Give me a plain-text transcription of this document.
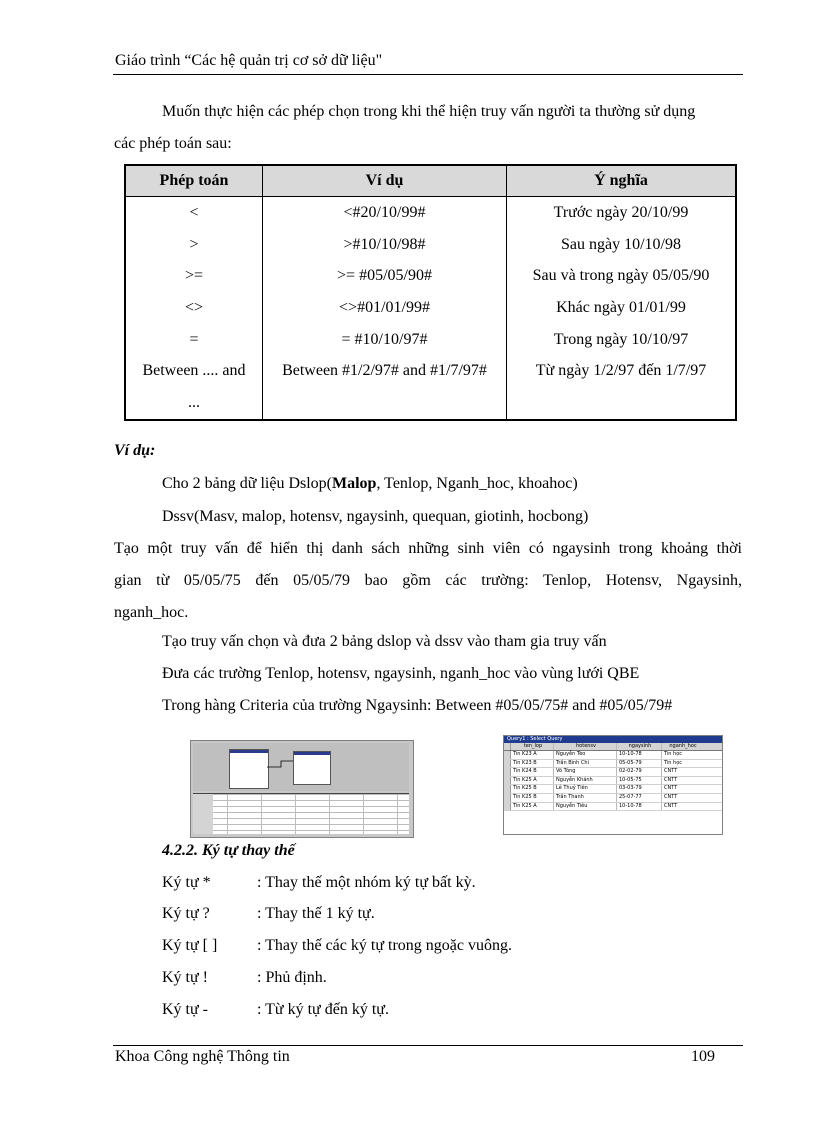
Giáo trình “Các hệ quản trị cơ sở dữ liệu"
Muốn thực hiện các phép chọn trong khi thể hiện truy vấn người ta thường sử dụng
các phép toán sau:
Phép toán	Ví dụ	Ý nghĩa
<	<#20/10/99#	Trước ngày 20/10/99
>	>#10/10/98#	Sau ngày 10/10/98
>=	>= #05/05/90#	Sau và trong ngày 05/05/90
<>	<>#01/01/99#	Khác ngày 01/01/99
=	= #10/10/97#	Trong ngày 10/10/97
Between .... and	Between #1/2/97# and #1/7/97#	Từ ngày 1/2/97 đến 1/7/97
...		
Ví dụ:
Cho 2 bảng dữ liệu Dslop(Malop, Tenlop, Nganh_hoc, khoahoc)
Dssv(Masv, malop, hotensv, ngaysinh, quequan, giotinh, hocbong)
Tạo một truy vấn để hiển thị danh sách những sinh viên có ngaysinh trong khoảng thời
gian từ 05/05/75 đến 05/05/79 bao gồm các trường: Tenlop, Hotensv, Ngaysinh,
nganh_hoc.
Tạo truy vấn chọn và đưa 2 bảng dslop và dssv vào tham gia truy vấn
Đưa các trường Tenlop, hotensv, ngaysinh, nganh_hoc vào vùng lưới QBE
Trong hàng Criteria của trường Ngaysinh: Between #05/05/75# and #05/05/79#
Query1 : Select Query
ten_lop	hotensv	ngaysinh	nganh_hoc
Tin K23 A	Nguyễn Tèo	10-10-78	Tin học
Tin K23 B	Trần Bình Chi	05-05-79	Tin học
Tin K24 B	Võ Tòng	02-02-79	CNTT
Tin K25 A	Nguyễn Khánh	10-05-75	CNTT
Tin K25 B	Lê Thuỷ Tiên	03-03-79	CNTT
Tin K25 B	Trần Thanh	25-07-77	CNTT
Tin K25 A	Nguyễn Tiêu	10-10-78	CNTT
4.2.2. Ký tự thay thế
Ký tự *	: Thay thế một nhóm ký tự bất kỳ.
Ký tự ?	: Thay thế 1 ký tự.
Ký tự [ ] : Thay thế các ký tự trong ngoặc vuông.
Ký tự !	: Phủ định.
Ký tự -	: Từ ký tự đến ký tự.
Khoa Công nghệ Thông tin	109
